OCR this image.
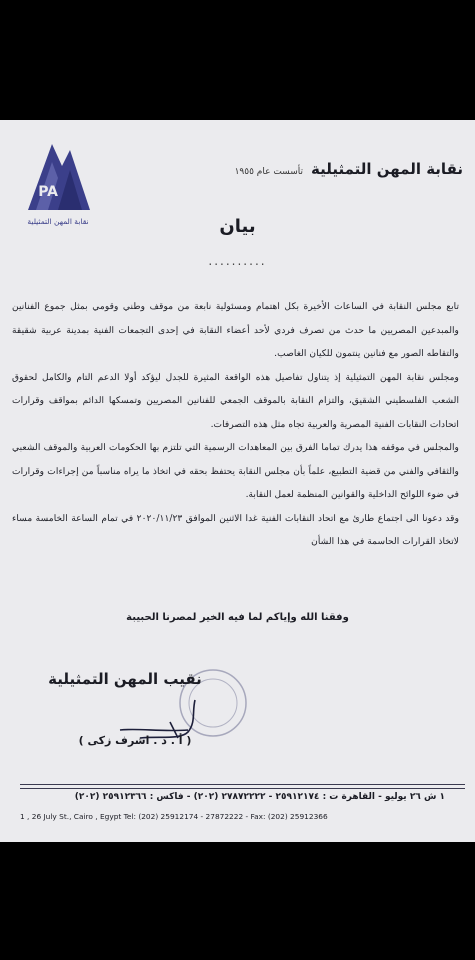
PA
نقابة المهن التمثيلية
نقابة المهن التمثيلية
تأسست عام ١٩٥٥
بيان
..........

تابع مجلس النقابة في الساعات الأخيرة بكل اهتمام ومسئولية نابعة من موقف وطني وقومي بمثل جموع الفنانين والمبدعين المصريين ما حدث من تصرف فردي لأحد أعضاء النقابة في إحدى التجمعات الفنية بمدينة عربية شقيقة والتقاطه الصور مع فنانين ينتمون للكيان الغاصب.

ومجلس نقابة المهن التمثيلية إذ يتناول تفاصيل هذه الواقعة المثيرة للجدل ليؤكد أولا الدعم التام والكامل لحقوق الشعب الفلسطيني الشقيق، والتزام النقابة بالموقف الجمعي للفنانين المصريين وتمسكها الدائم بمواقف وقرارات اتحادات النقابات الفنية المصرية والعربية تجاه مثل هذه التصرفات.

والمجلس في موقفه هذا يدرك تماما الفرق بين المعاهدات الرسمية التي تلتزم بها الحكومات العربية والموقف الشعبي والثقافي والفني من قضية التطبيع، علماً بأن مجلس النقابة يحتفظ بحقه في اتخاذ ما يراه مناسباً من إجراءات وقرارات في ضوء اللوائح الداخلية والقوانين المنظمة لعمل النقابة.

وقد دعونا الى اجتماع طارئ مع اتحاد النقابات الفنية غدا الاثنين الموافق ٢٠٢٠/١١/٢٣ في تمام الساعة الخامسة مساء لاتخاذ القرارات الحاسمة في هذا الشأن

وفقنا الله وإياكم لما فيه الخير لمصرنا الحبيبة
نقيب المهن التمثيلية
( أ . د . اشرف زكى )
١ ش ٢٦ يوليو - القاهرة ت : ٢٥٩١٢١٧٤ - ٢٧٨٧٢٢٢٢ (٢٠٢) - فاكس : ٢٥٩١٢٣٦٦ (٢٠٢)
1 , 26 July St., Cairo , Egypt Tel: (202) 25912174 - 27872222 - Fax: (202) 25912366
